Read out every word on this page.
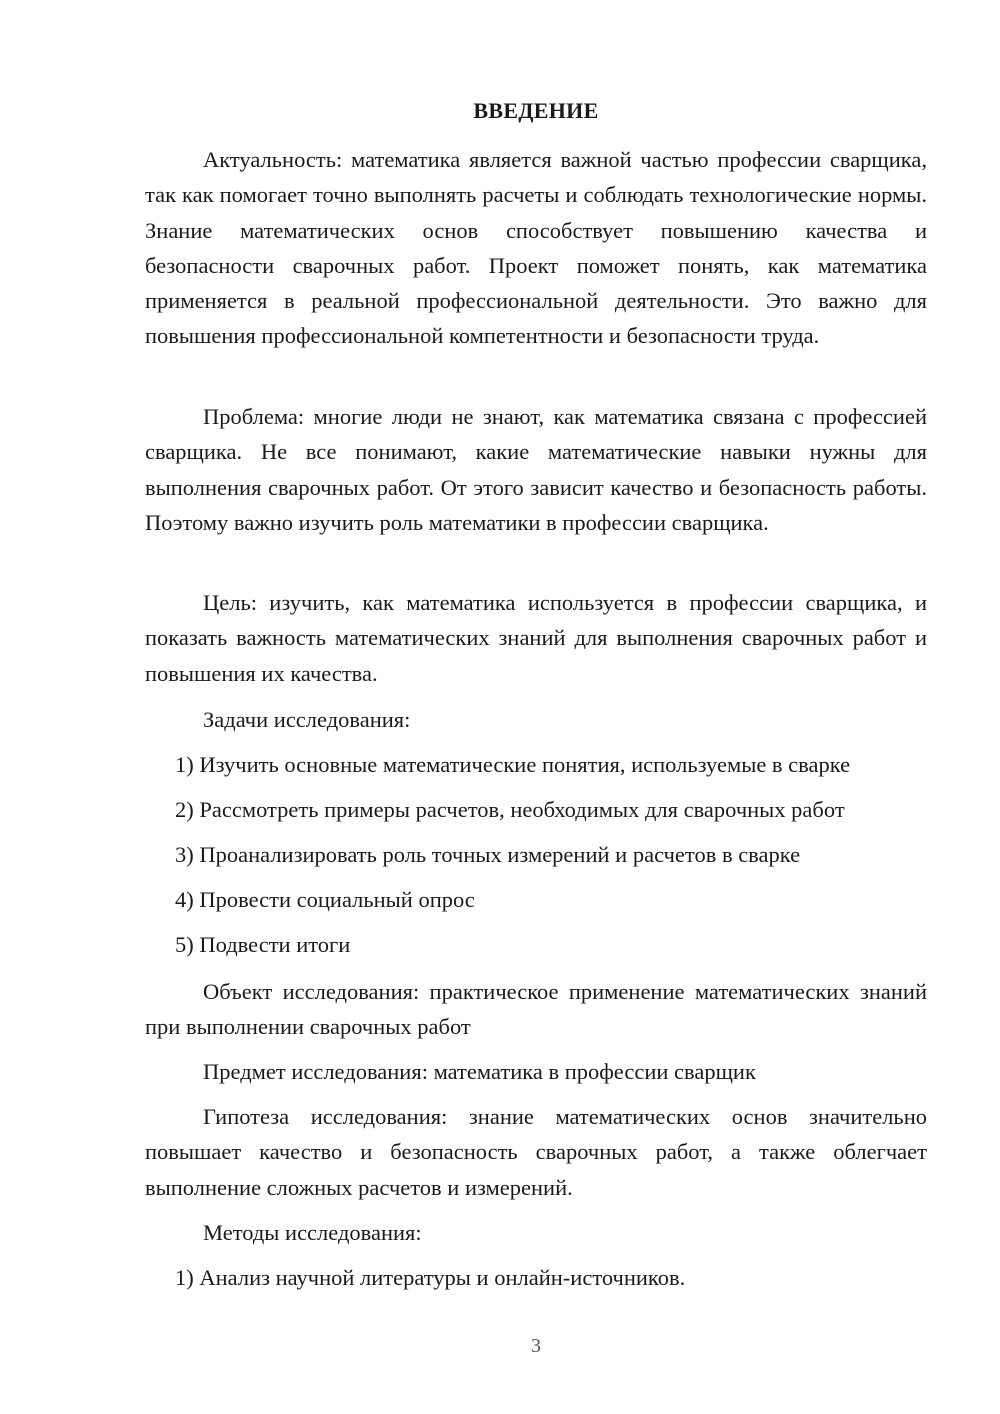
ВВЕДЕНИЕ

Актуальность: математика является важной частью профессии сварщика, так как помогает точно выполнять расчеты и соблюдать технологические нормы. Знание математических основ способствует повышению качества и безопасности сварочных работ. Проект поможет понять, как математика применяется в реальной профессиональной деятельности. Это важно для повышения профессиональной компетентности и безопасности труда.

Проблема: многие люди не знают, как математика связана с профессией сварщика. Не все понимают, какие математические навыки нужны для выполнения сварочных работ. От этого зависит качество и безопасность работы. Поэтому важно изучить роль математики в профессии сварщика.

Цель: изучить, как математика используется в профессии сварщика, и показать важность математических знаний для выполнения сварочных работ и повышения их качества.

Задачи исследования:

1) Изучить основные математические понятия, используемые в сварке

2) Рассмотреть примеры расчетов, необходимых для сварочных работ

3) Проанализировать роль точных измерений и расчетов в сварке

4) Провести социальный опрос

5) Подвести итоги

Объект исследования: практическое применение математических знаний при выполнении сварочных работ

Предмет исследования: математика в профессии сварщик

Гипотеза исследования: знание математических основ значительно повышает качество и безопасность сварочных работ, а также облегчает выполнение сложных расчетов и измерений.

Методы исследования:

1) Анализ научной литературы и онлайн-источников.

3
